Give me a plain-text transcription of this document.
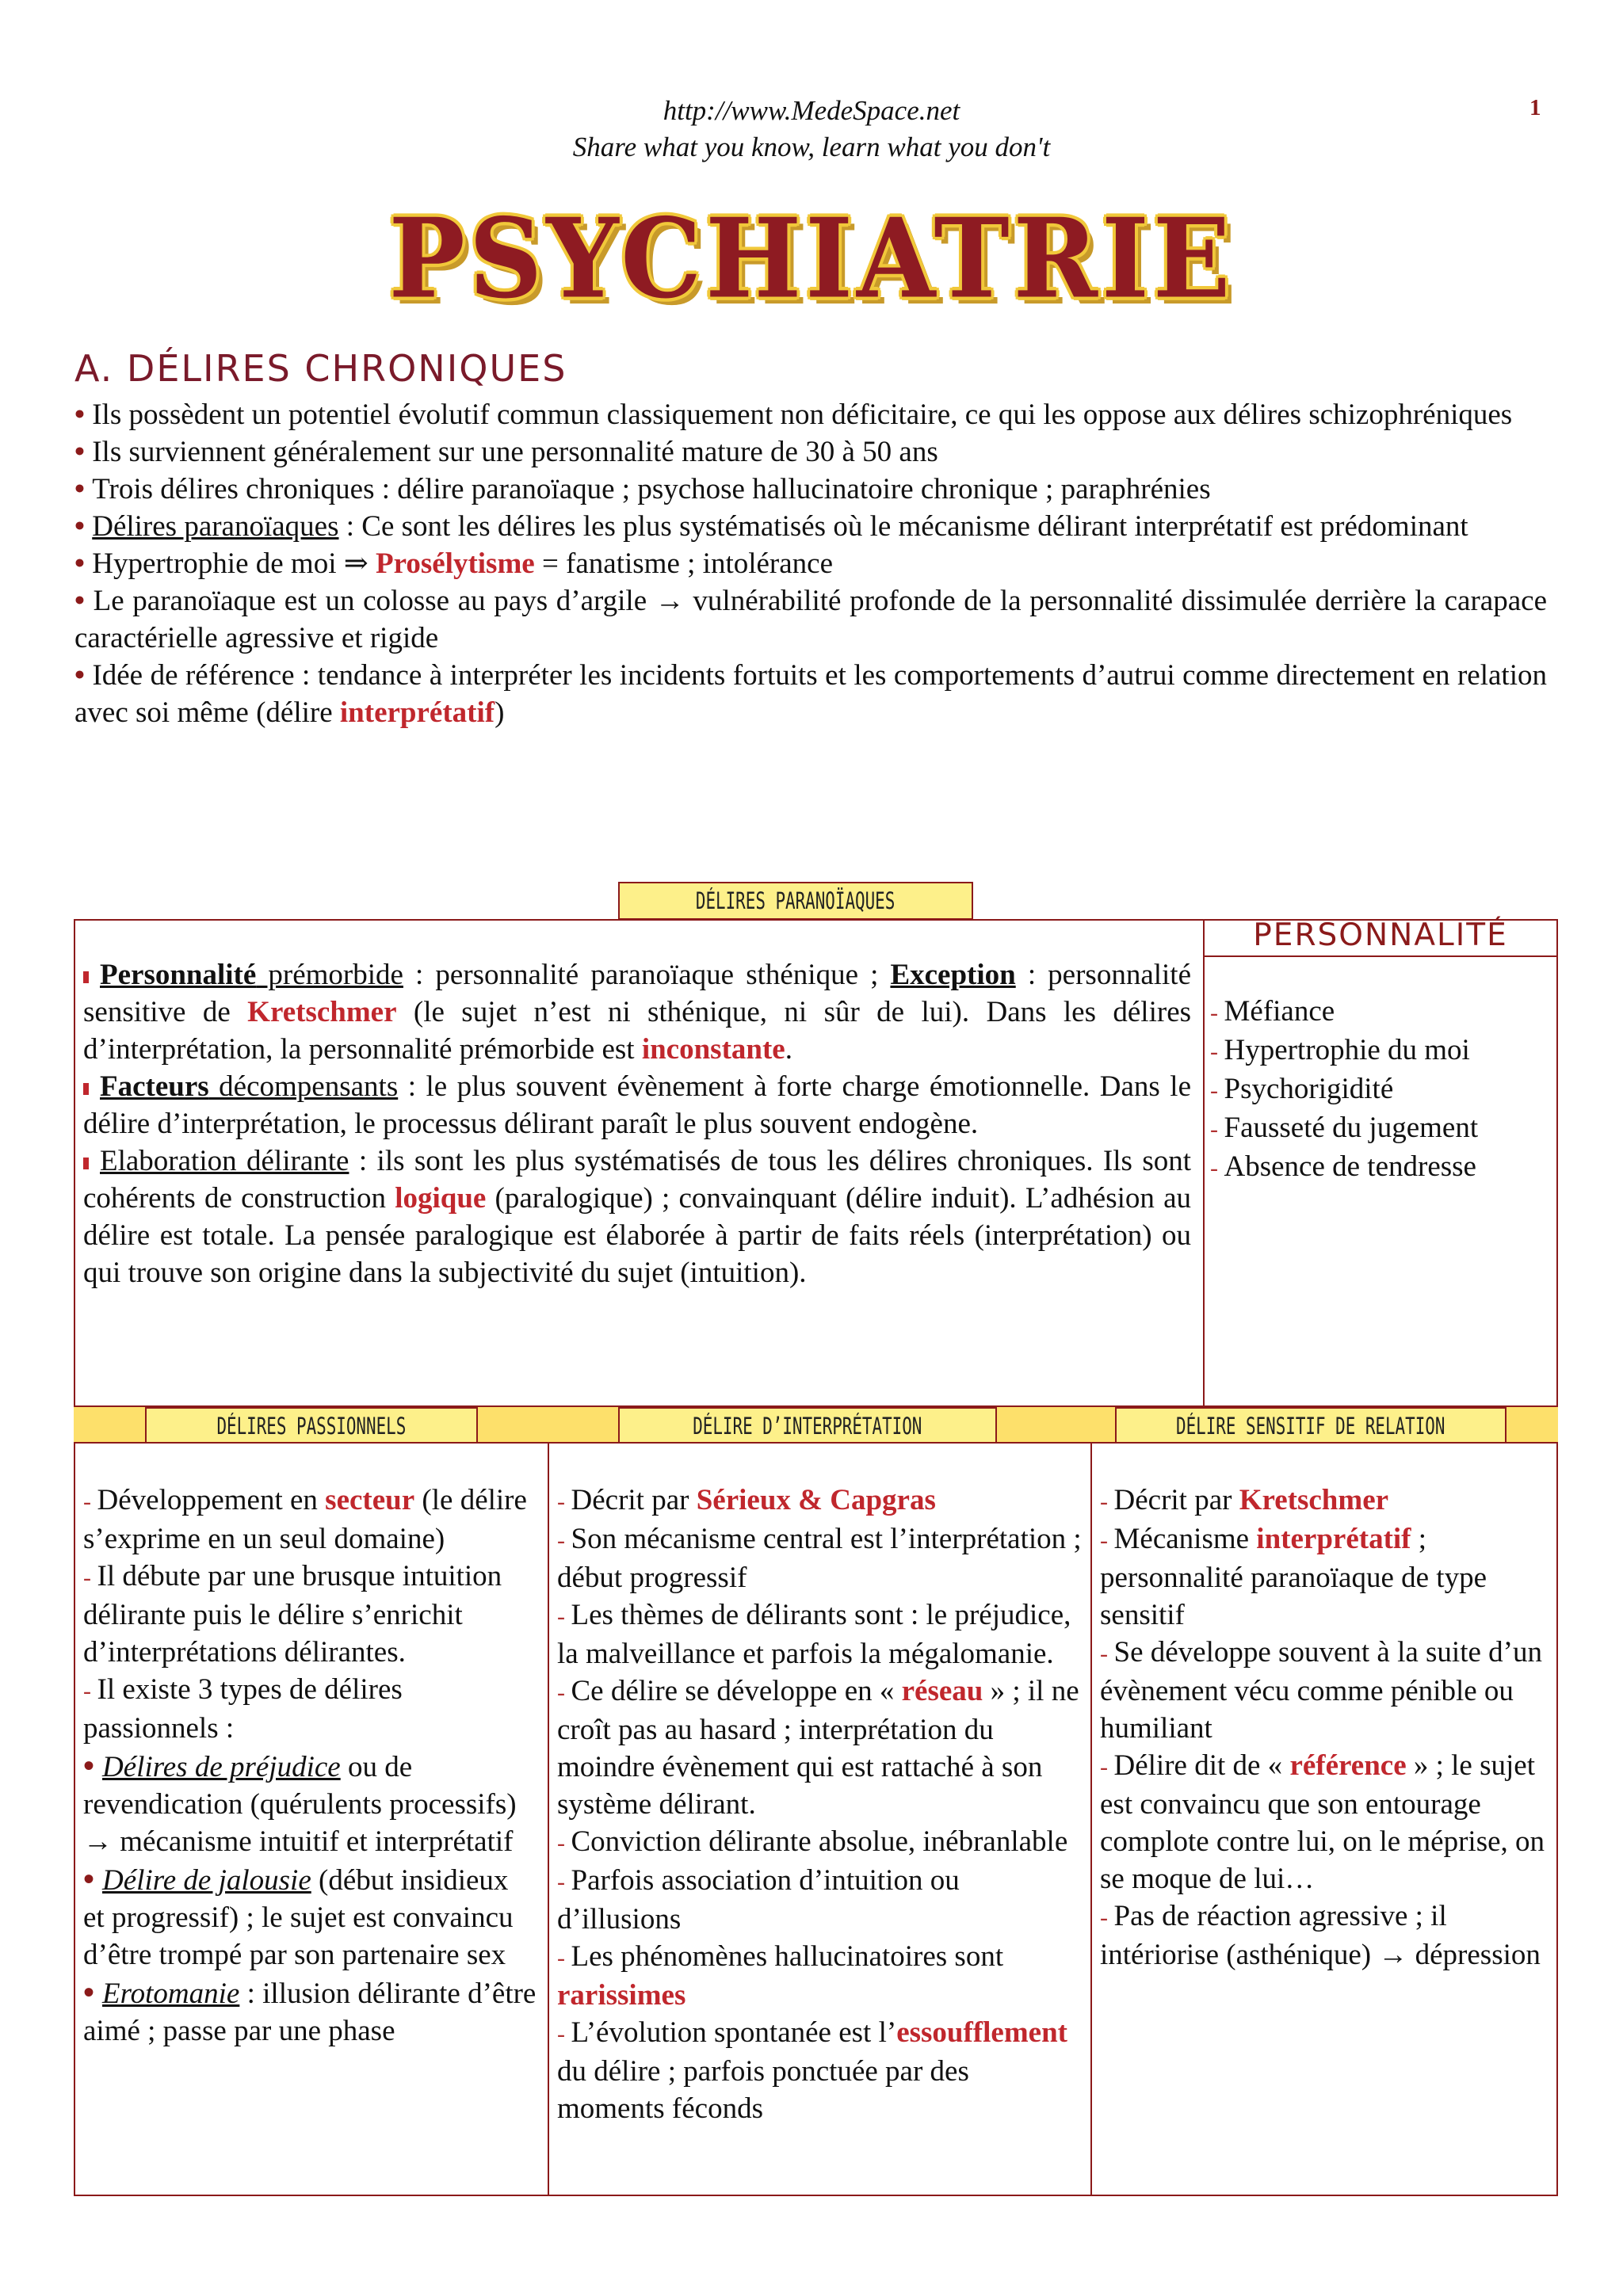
http://www.MedeSpace.net
Share what you know, learn what you don't
1
PSYCHIATRIE
A. DÉLIRES CHRONIQUES

• Ils possèdent un potentiel évolutif commun classiquement non déficitaire, ce qui les oppose aux délires schizophréniques

• Ils surviennent généralement sur une personnalité mature de 30 à 50 ans

• Trois délires chroniques : délire paranoïaque ; psychose hallucinatoire chronique ; paraphrénies

• Délires paranoïaques : Ce sont les délires les plus systématisés où le mécanisme délirant interprétatif est prédominant

• Hypertrophie de moi ⇒ Prosélytisme = fanatisme ; intolérance

• Le paranoïaque est un colosse au pays d’argile → vulnérabilité profonde de la personnalité dissimulée derrière la carapace caractérielle agressive et rigide

• Idée de référence : tendance à interpréter les incidents fortuits et les comportements d’autrui comme directement en relation avec soi même (délire interprétatif)

DÉLIRES PARANOÏAQUES
PERSONNALITÉ
- Méfiance
- Hypertrophie du moi
- Psychorigidité
- Fausseté du jugement
- Absence de tendresse

Personnalité prémorbide : personnalité paranoïaque sthénique ; Exception : personnalité sensitive de Kretschmer (le sujet n’est ni sthénique, ni sûr de lui). Dans les délires d’interprétation, la personnalité prémorbide est inconstante.

Facteurs décompensants : le plus souvent évènement à forte charge émotionnelle. Dans le délire d’interprétation, le processus délirant paraît le plus souvent endogène.

Elaboration délirante : ils sont les plus systématisés de tous les délires chroniques. Ils sont cohérents de construction logique (paralogique) ; convainquant (délire induit). L’adhésion au délire est totale. La pensée paralogique est élaborée à partir de faits réels (interprétation) ou qui trouve son origine dans la subjectivité du sujet (intuition).

DÉLIRES PASSIONNELS	DÉLIRE D’INTERPRÉTATION	DÉLIRE SENSITIF DE RELATION

- Développement en secteur (le délire s’exprime en un seul domaine)

- Il débute par une brusque intuition délirante puis le délire s’enrichit d’interprétations délirantes.

- Il existe 3 types de délires passionnels :

• Délires de préjudice ou de revendication (quérulents processifs) → mécanisme intuitif et interprétatif

• Délire de jalousie (début insidieux et progressif) ; le sujet est convaincu d’être trompé par son partenaire sex

• Erotomanie : illusion délirante d’être aimé ; passe par une phase

- Décrit par Sérieux & Capgras

- Son mécanisme central est l’interprétation ; début progressif

- Les thèmes de délirants sont : le préjudice, la malveillance et parfois la mégalomanie.

- Ce délire se développe en « réseau » ; il ne croît pas au hasard ; interprétation du moindre évènement qui est rattaché à son système délirant.

- Conviction délirante absolue, inébranlable

- Parfois association d’intuition ou d’illusions

- Les phénomènes hallucinatoires sont rarissimes

- L’évolution spontanée est l’essoufflement du délire ; parfois ponctuée par des moments féconds

- Décrit par Kretschmer

- Mécanisme interprétatif ; personnalité paranoïaque de type sensitif

- Se développe souvent à la suite d’un évènement vécu comme pénible ou humiliant

- Délire dit de « référence » ; le sujet est convaincu que son entourage complote contre lui, on le méprise, on se moque de lui…

- Pas de réaction agressive ; il intériorise (asthénique) → dépression
